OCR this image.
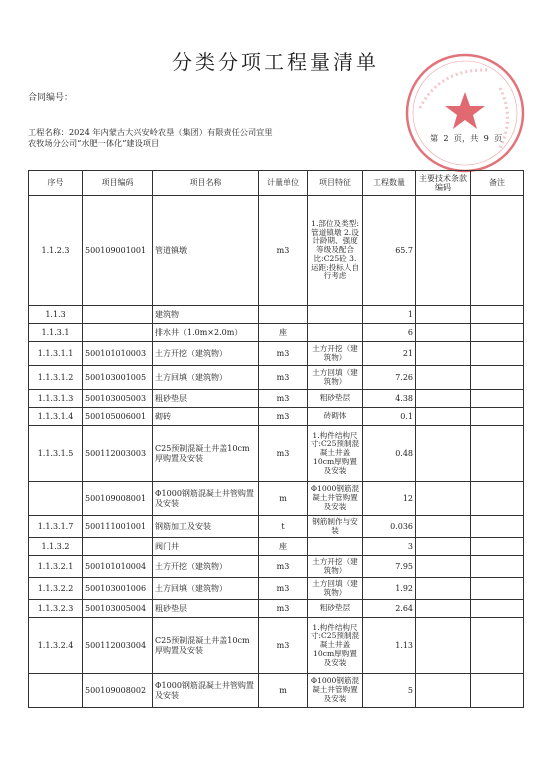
分类分项工程量清单
合同编号：
工程名称：2024 年内蒙古大兴安岭农垦（集团）有限责任公司宜里农牧场分公司“水肥一体化”建设项目	第  2  页，共  9  页
序号	项目编码	项目名称	计量单位	项目特征	工程数量	主要技术条款编码	备注
1.1.2.3	500109001001	管道镇墩	m3	1.部位及类型:管道镇墩 2.设计龄期、强度等级及配合比:C25砼 3.运距:投标人自行考虑	65.7		
1.1.3		建筑物			1		
1.1.3.1		排水井（1.0m×2.0m）	座		6		
1.1.3.1.1	500101010003	土方开挖（建筑物）	m3	土方开挖（建筑物）	21		
1.1.3.1.2	500103001005	土方回填（建筑物）	m3	土方回填（建筑物）	7.26		
1.1.3.1.3	500103005003	粗砂垫层	m3	粗砂垫层	4.38		
1.1.3.1.4	500105006001	砌砖	m3	砖砌体	0.1		
1.1.3.1.5	500112003003	C25预制混凝土井盖10cm厚购置及安装	m3	1.构件结构尺寸:C25预制混凝土井盖10cm厚购置及安装	0.48		
	500109008001	Φ1000钢筋混凝土井管购置及安装	m	Φ1000钢筋混凝土井管购置及安装	12		
1.1.3.1.7	500111001001	钢筋加工及安装	t	钢筋制作与安装	0.036		
1.1.3.2		阀门井	座		3		
1.1.3.2.1	500101010004	土方开挖（建筑物）	m3	土方开挖（建筑物）	7.95		
1.1.3.2.2	500103001006	土方回填（建筑物）	m3	土方回填（建筑物）	1.92		
1.1.3.2.3	500103005004	粗砂垫层	m3	粗砂垫层	2.64		
1.1.3.2.4	500112003004	C25预制混凝土井盖10cm厚购置及安装	m3	1.构件结构尺寸:C25预制混凝土井盖10cm厚购置及安装	1.13		
	500109008002	Φ1000钢筋混凝土井管购置及安装	m	Φ1000钢筋混凝土井管购置及安装	5		
